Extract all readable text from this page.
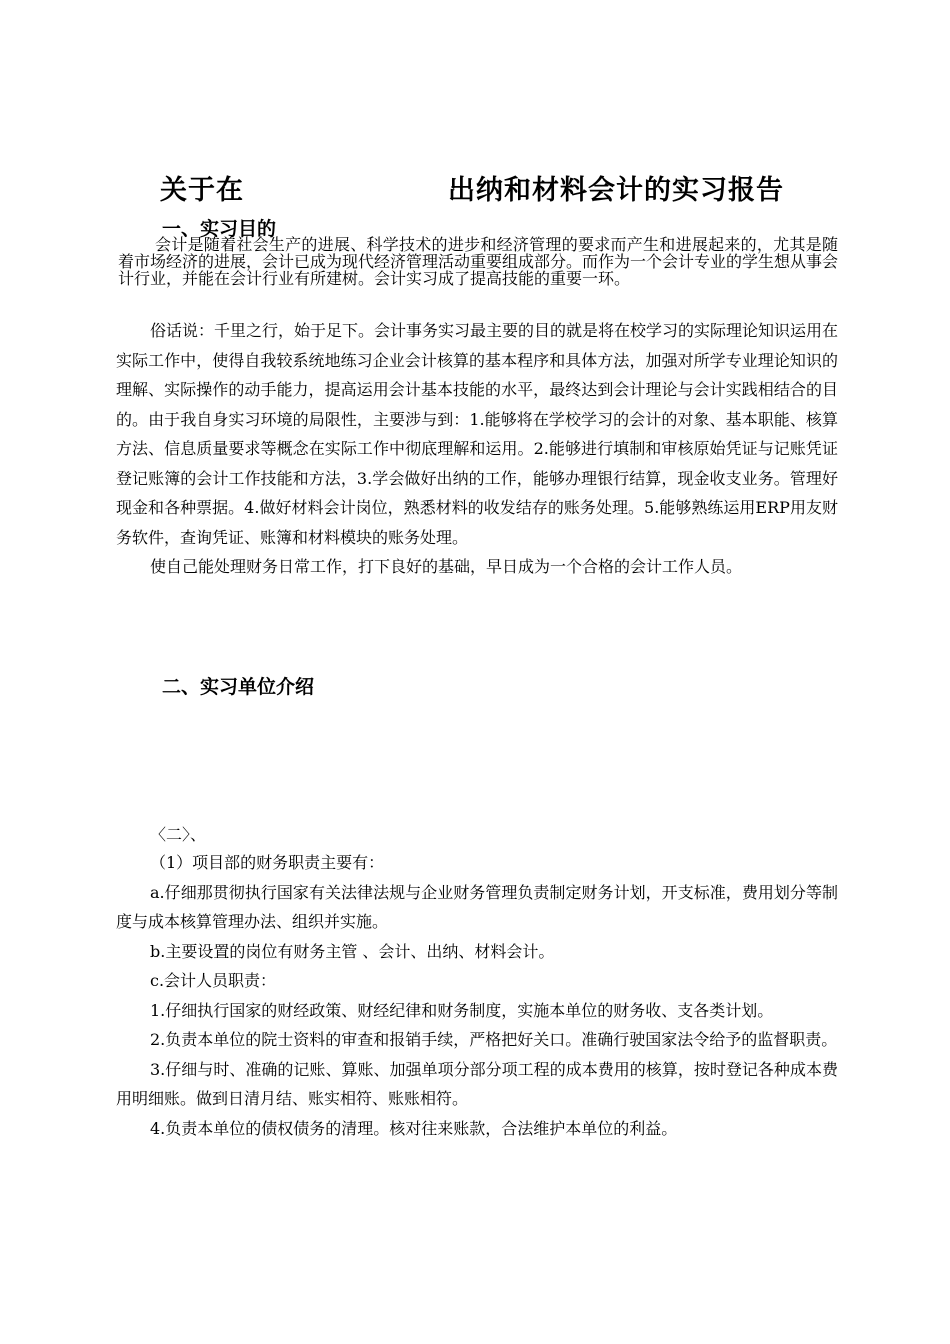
关于在	出纳和材料会计的实习报告
一、实习目的

会计是随着社会生产的进展、科学技术的进步和经济管理的要求而产生和进展起来的，尤其是随着市场经济的进展，会计已成为现代经济管理活动重要组成部分。而作为一个会计专业的学生想从事会计行业，并能在会计行业有所建树。会计实习成了提高技能的重要一环。

俗话说：千里之行，始于足下。会计事务实习最主要的目的就是将在校学习的实际理论知识运用在实际工作中，使得自我较系统地练习企业会计核算的基本程序和具体方法，加强对所学专业理论知识的理解、实际操作的动手能力，提高运用会计基本技能的水平，最终达到会计理论与会计实践相结合的目的。由于我自身实习环境的局限性，主要涉与到：1.能够将在学校学习的会计的对象、基本职能、核算方法、信息质量要求等概念在实际工作中彻底理解和运用。2.能够进行填制和审核原始凭证与记账凭证登记账簿的会计工作技能和方法，3.学会做好出纳的工作，能够办理银行结算，现金收支业务。管理好现金和各种票据。4.做好材料会计岗位，熟悉材料的收发结存的账务处理。5.能够熟练运用ERP用友财务软件，查询凭证、账簿和材料模块的账务处理。

使自己能处理财务日常工作，打下良好的基础，早日成为一个合格的会计工作人员。

二、实习单位介绍
〈二〉、

（1）项目部的财务职责主要有：

a.仔细那贯彻执行国家有关法律法规与企业财务管理负责制定财务计划，开支标准，费用划分等制度与成本核算管理办法、组织并实施。

b.主要设置的岗位有财务主管 、会计、出纳、材料会计。

c.会计人员职责：

1.仔细执行国家的财经政策、财经纪律和财务制度，实施本单位的财务收、支各类计划。

2.负责本单位的院士资料的审查和报销手续，严格把好关口。准确行驶国家法令给予的监督职责。

3.仔细与时、准确的记账、算账、加强单项分部分项工程的成本费用的核算，按时登记各种成本费用明细账。做到日清月结、账实相符、账账相符。

4.负责本单位的债权债务的清理。核对往来账款，合法维护本单位的利益。
